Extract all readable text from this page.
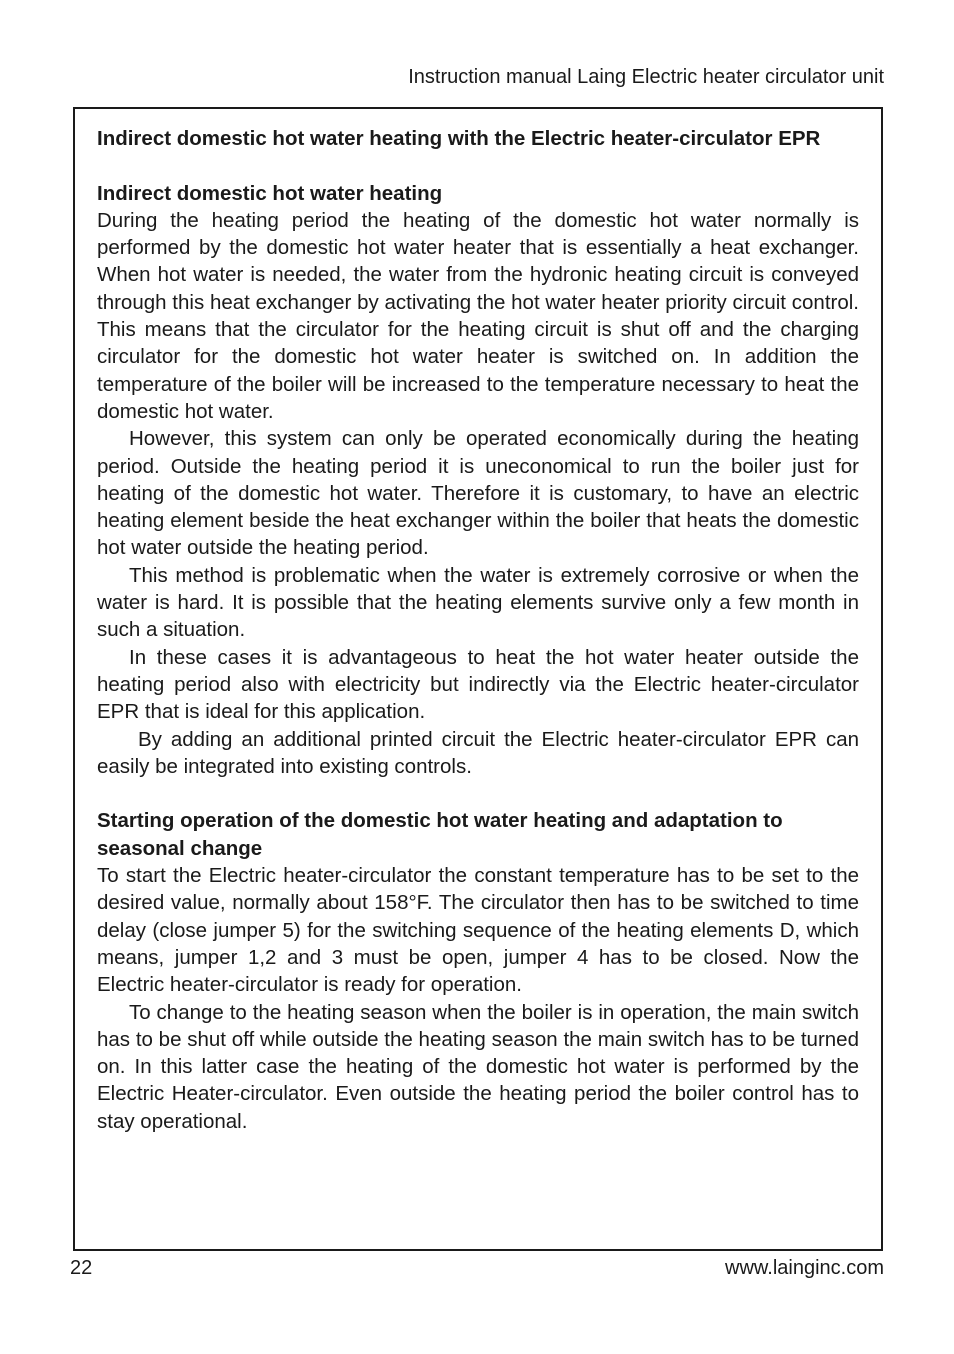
Instruction manual Laing Electric heater circulator unit

Indirect domestic hot water heating with the Electric heater-circulator EPR

Indirect domestic hot water heating

During the heating period the heating of the domestic hot water normally is performed by the domestic hot water heater that is essentially a heat exchanger. When hot water is needed, the water from the hydronic heating circuit is conveyed through this heat exchanger by activating the hot water heater priority circuit control. This means that the circulator for the heating circuit is shut off and the charging circulator for the domestic hot water heater is switched on. In addition the temperature of the boiler will be increased to the temperature necessary to heat the domestic hot water.

However, this system can only be operated economically during the heating period. Outside the heating period it is uneconomical to run the boiler just for heating of the domestic hot water. Therefore it is customary, to have an electric heating element beside the heat exchanger within the boiler that heats the domestic hot water outside the heating period.

This method is problematic when the water is extremely corrosive or when the water is hard. It is possible that the heating elements survive only a few month in such a situation.

In these cases it is advantageous to heat the hot water heater outside the heating period also with electricity but indirectly via the Electric heater-circulator EPR that is ideal for this application.

By adding an additional printed circuit the Electric heater-circulator EPR can easily be integrated into existing controls.

Starting operation of the domestic hot water heating and adaptation to seasonal change

To start the Electric heater-circulator the constant temperature has to be set to the desired value, normally about 158°F. The circulator then has to be switched to time delay (close jumper 5) for the switching sequence of the heating elements D, which means, jumper 1,2 and 3 must be open, jumper 4 has to be closed. Now the Electric heater-circulator is ready for operation.

To change to the heating season when the boiler is in operation, the main switch has to be shut off while outside the heating season the main switch has to be turned on. In this latter case the heating of the domestic hot water is performed by the Electric Heater-circulator. Even outside the heating period the boiler control has to stay operational.

22	www.lainginc.com
